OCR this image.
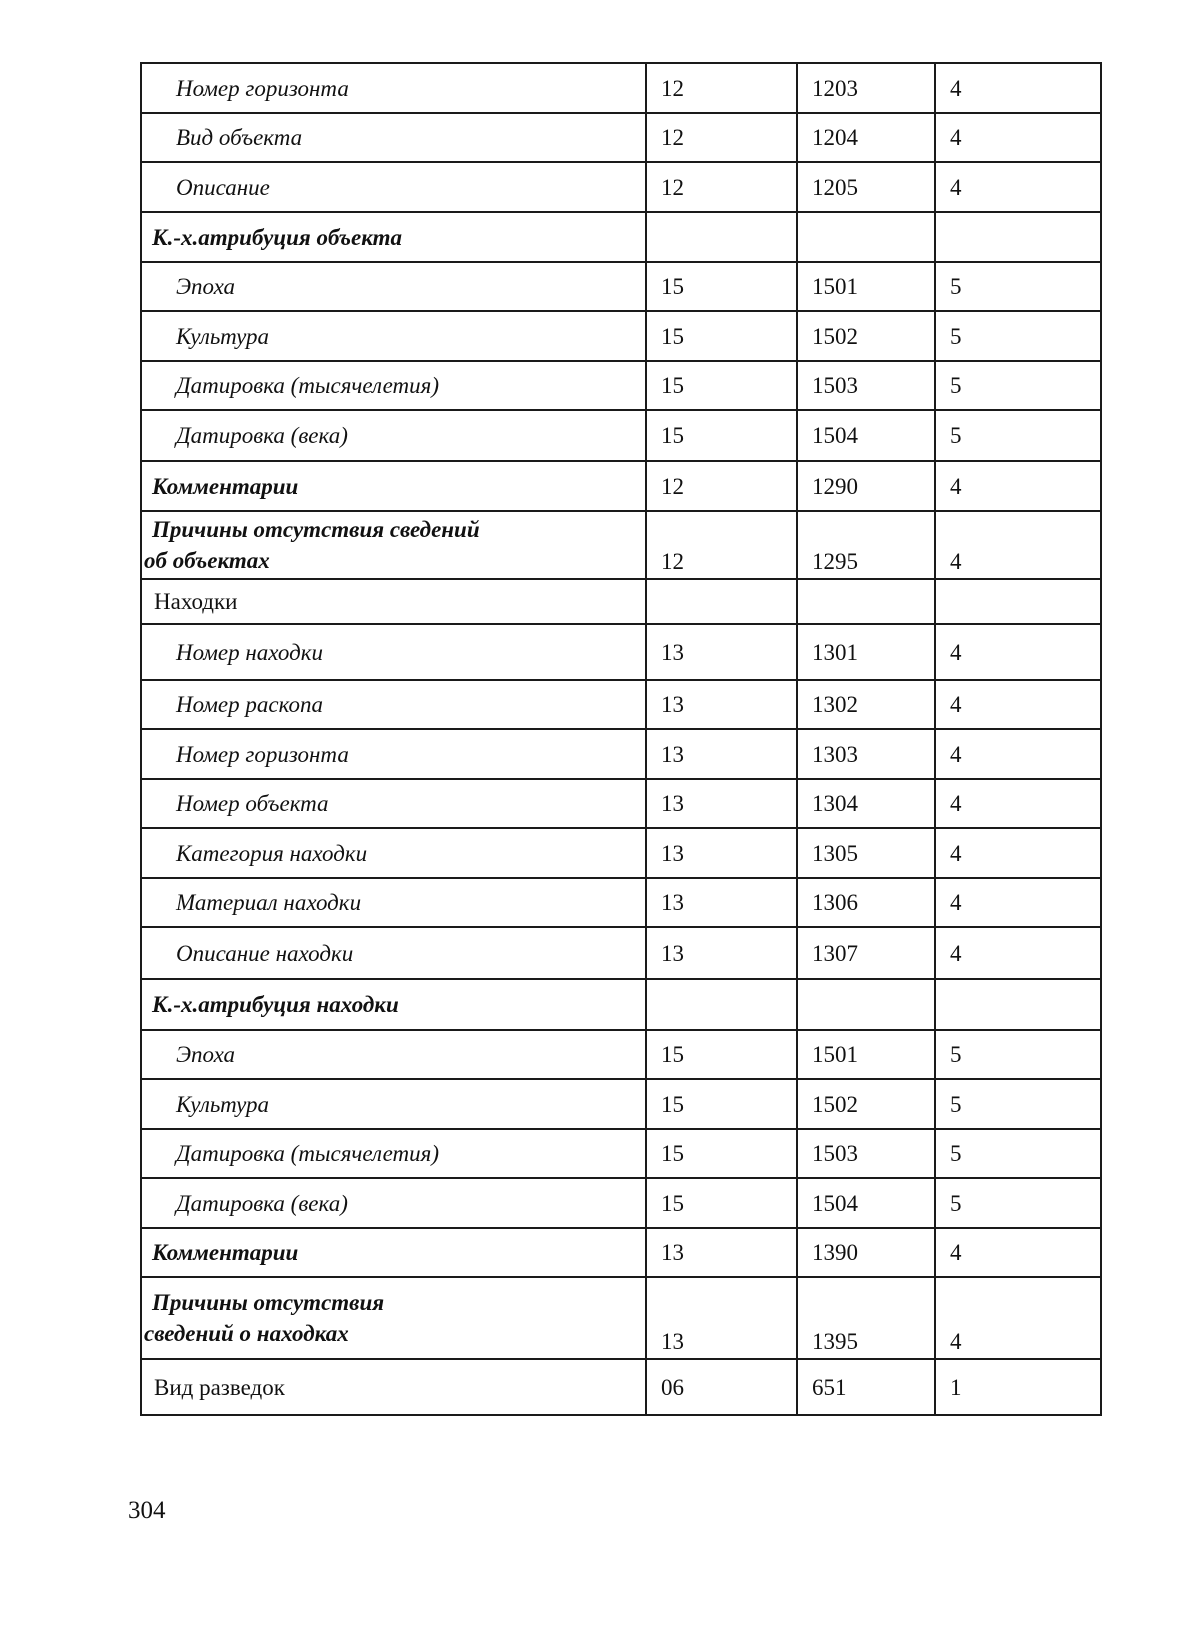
Номер горизонта	12	1203	4
Вид объекта	12	1204	4
Описание	12	1205	4
К.-х.атрибуция объекта			
Эпоха	15	1501	5
Культура	15	1502	5
Датировка (тысячелетия)	15	1503	5
Датировка (века)	15	1504	5
Комментарии	12	1290	4

Причины отсутствия сведений
об объектах	12	1295	4
Находки			
Номер находки	13	1301	4
Номер раскопа	13	1302	4
Номер горизонта	13	1303	4
Номер объекта	13	1304	4
Категория находки	13	1305	4
Материал находки	13	1306	4
Описание находки	13	1307	4
К.-х.атрибуция находки			
Эпоха	15	1501	5
Культура	15	1502	5
Датировка (тысячелетия)	15	1503	5
Датировка (века)	15	1504	5
Комментарии	13	1390	4

Причины отсутствия
сведений о находках	13	1395	4
Вид разведок	06	651	1
304
